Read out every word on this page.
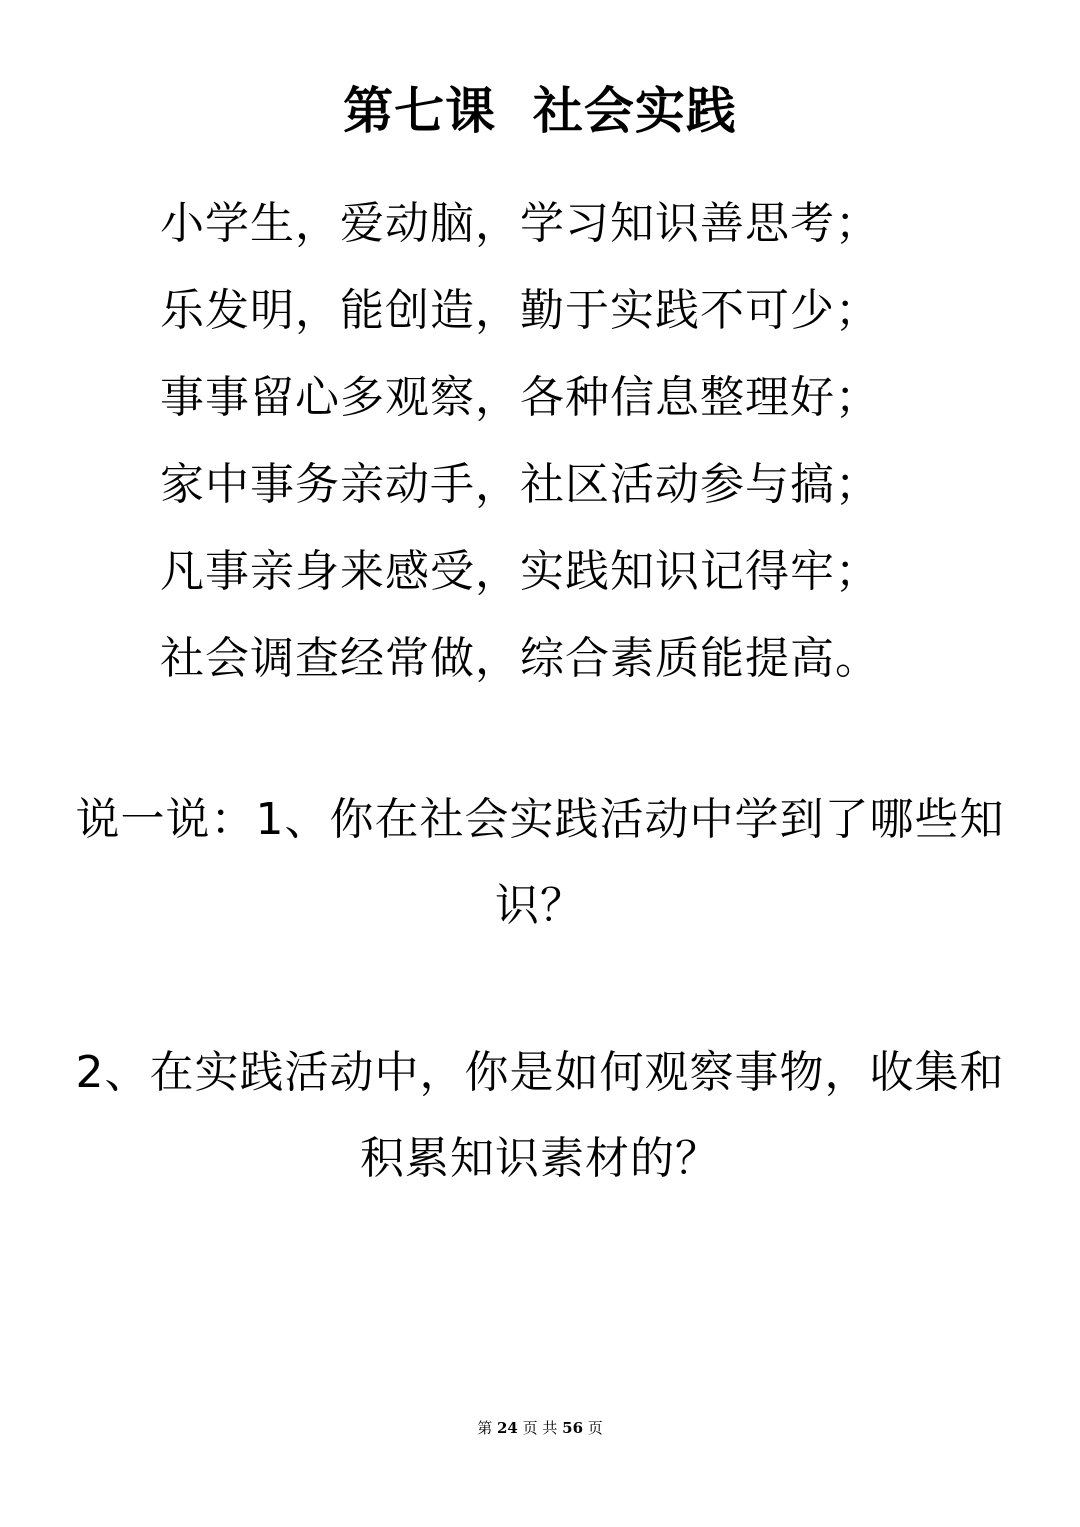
第七课  社会实践
小学生，爱动脑，学习知识善思考；
乐发明，能创造，勤于实践不可少；
事事留心多观察，各种信息整理好；
家中事务亲动手，社区活动参与搞；
凡事亲身来感受，实践知识记得牢；
社会调查经常做，综合素质能提高。
说一说：1、你在社会实践活动中学到了哪些知识？
2、在实践活动中，你是如何观察事物，收集和积累知识素材的？
第 24 页 共 56 页
